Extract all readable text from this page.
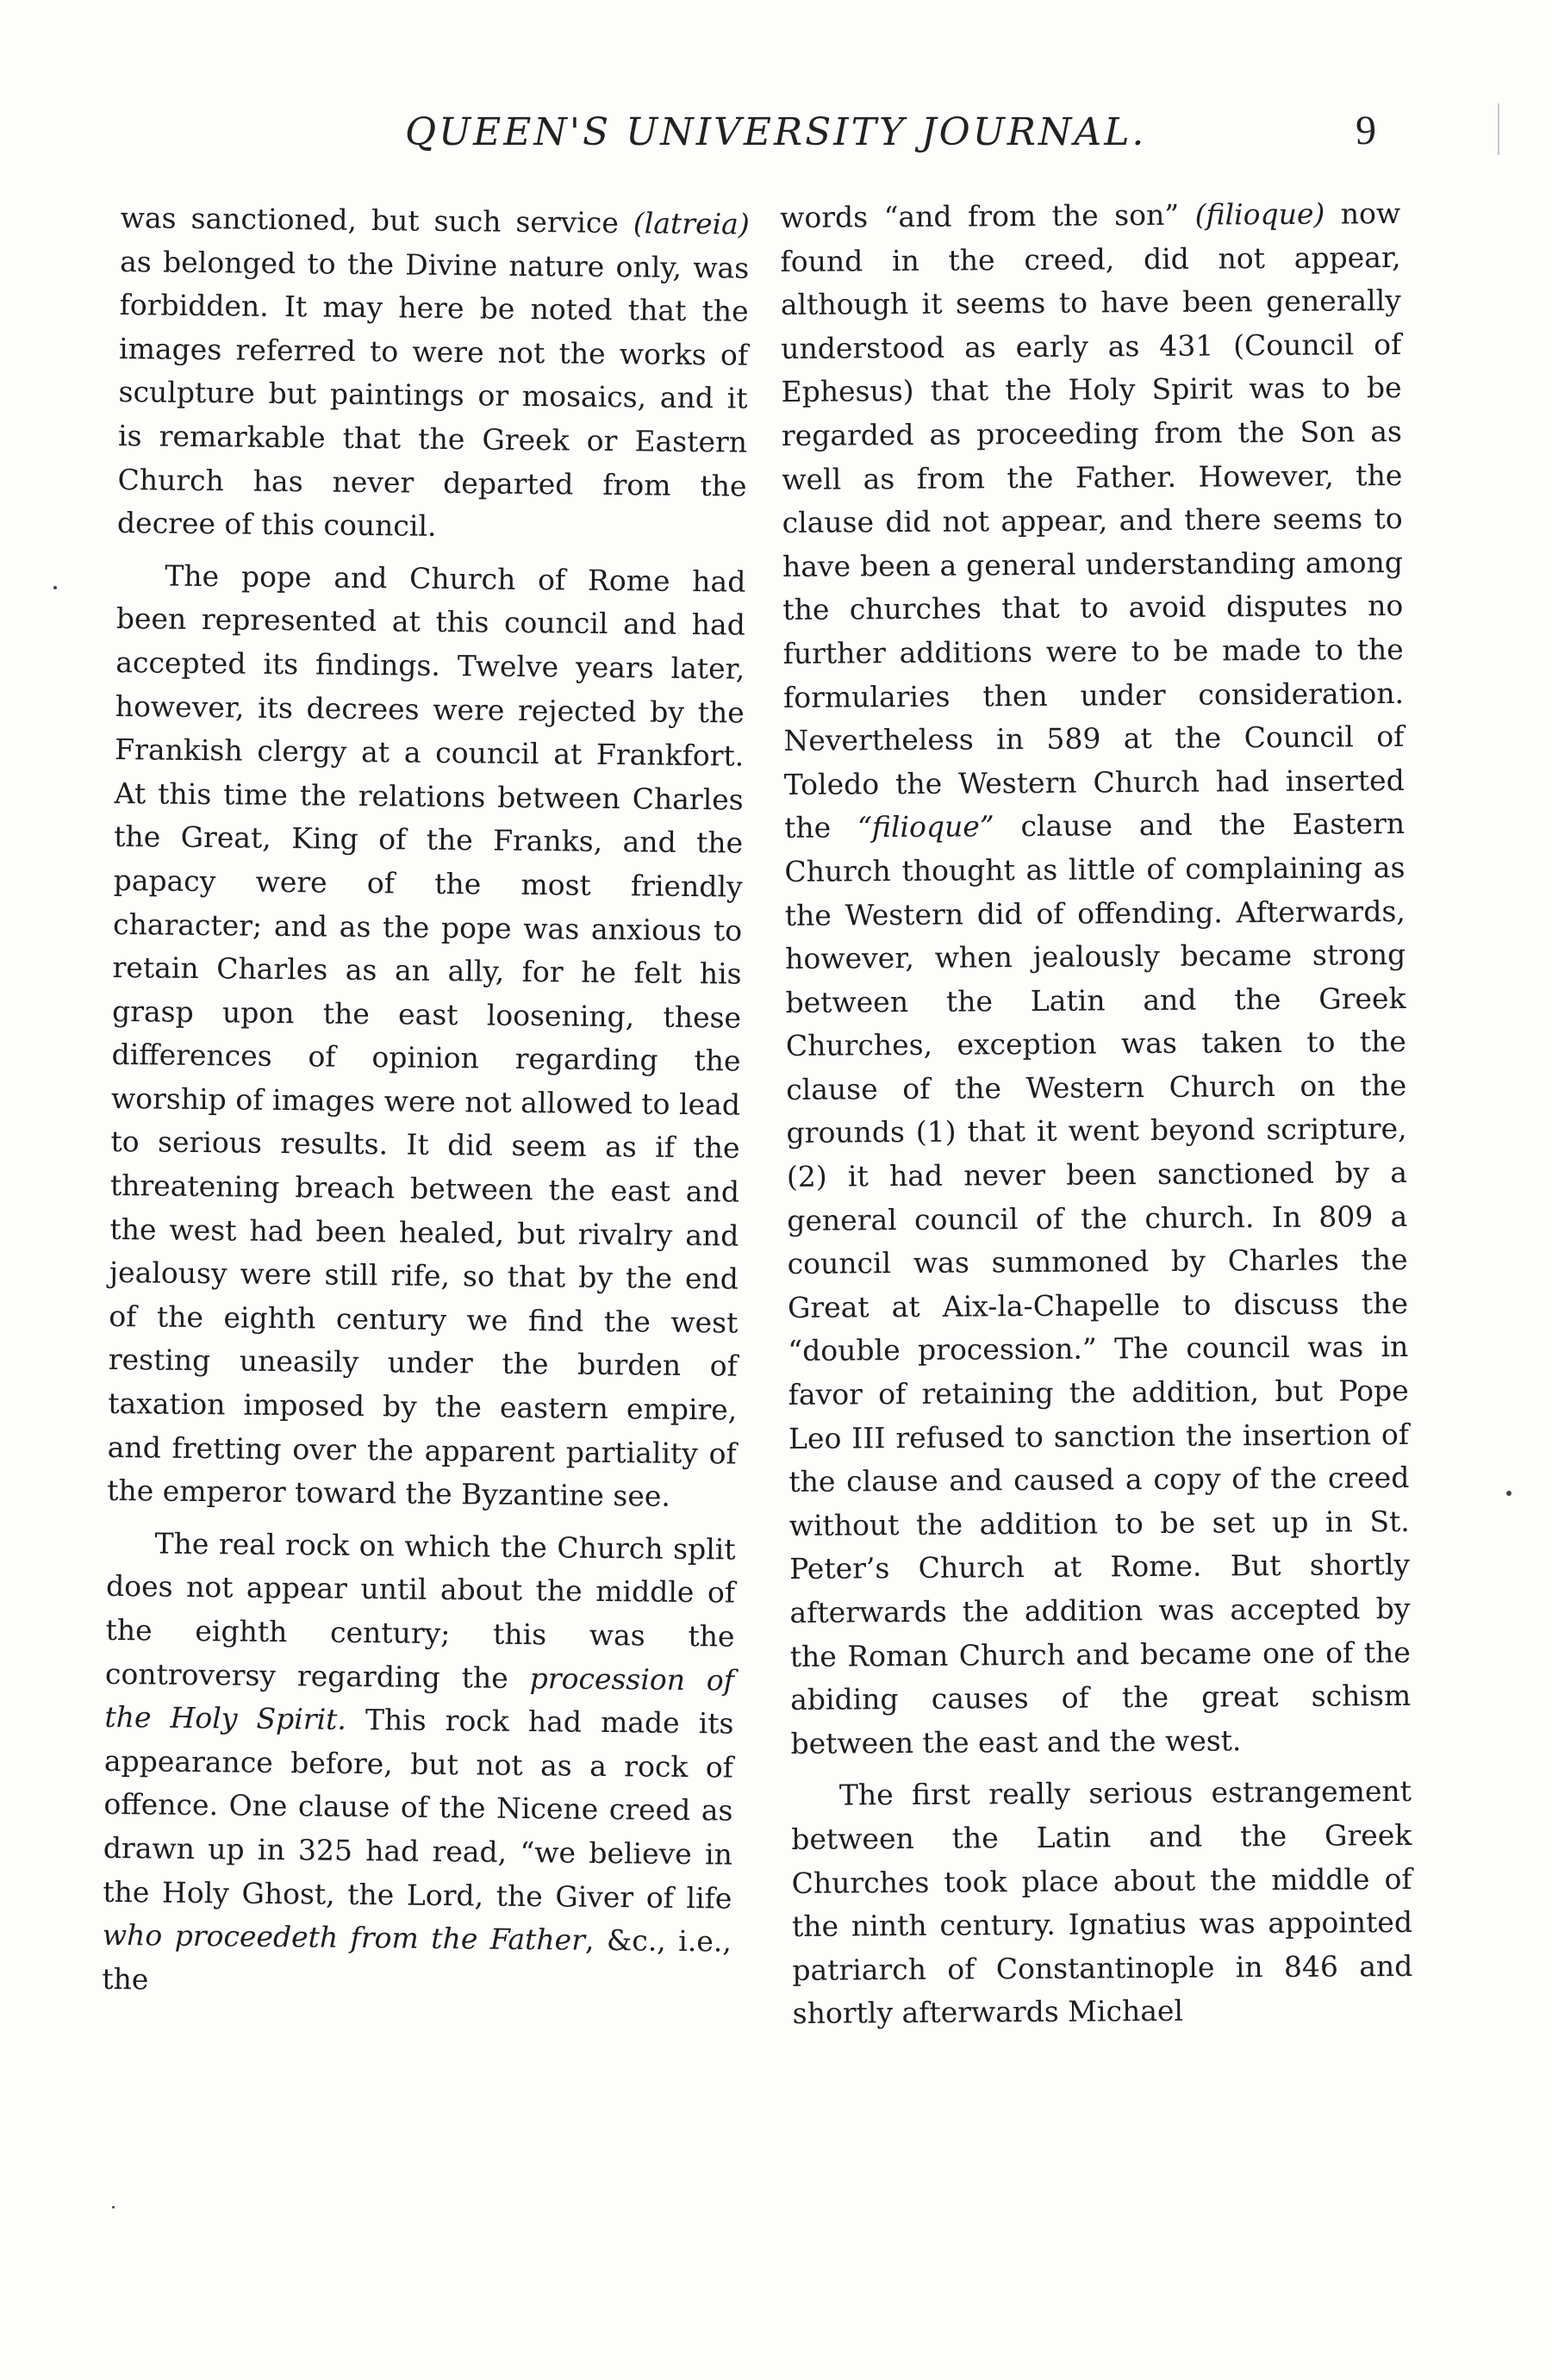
QUEEN'S UNIVERSITY JOURNAL.	9

was sanctioned, but such service (latreia) as belonged to the Divine nature only, was forbidden. It may here be noted that the images referred to were not the works of sculpture but paintings or mosaics, and it is remarkable that the Greek or Eastern Church has never departed from the decree of this council.

The pope and Church of Rome had been represented at this council and had accepted its findings. Twelve years later, however, its decrees were rejected by the Frankish clergy at a council at Frankfort. At this time the relations between Charles the Great, King of the Franks, and the papacy were of the most friendly character; and as the pope was anxious to retain Charles as an ally, for he felt his grasp upon the east loosening, these differences of opinion regarding the worship of images were not allowed to lead to serious results. It did seem as if the threatening breach between the east and the west had been healed, but rivalry and jealousy were still rife, so that by the end of the eighth century we find the west resting uneasily under the burden of taxation imposed by the eastern empire, and fretting over the apparent partiality of the emperor toward the Byzantine see.

The real rock on which the Church split does not appear until about the middle of the eighth century; this was the controversy regarding the procession of the Holy Spirit. This rock had made its appearance before, but not as a rock of offence. One clause of the Nicene creed as drawn up in 325 had read, “we believe in the Holy Ghost, the Lord, the Giver of life who proceedeth from the Father, &c., i.e., the

words “and from the son” (filioque) now found in the creed, did not appear, although it seems to have been generally understood as early as 431 (Council of Ephesus) that the Holy Spirit was to be regarded as proceeding from the Son as well as from the Father. However, the clause did not appear, and there seems to have been a general understanding among the churches that to avoid disputes no further additions were to be made to the formularies then under consideration. Nevertheless in 589 at the Council of Toledo the Western Church had inserted the “filioque” clause and the Eastern Church thought as little of complaining as the Western did of offending. Afterwards, however, when jealously became strong between the Latin and the Greek Churches, exception was taken to the clause of the Western Church on the grounds (1) that it went beyond scripture, (2) it had never been sanctioned by a general council of the church. In 809 a council was summoned by Charles the Great at Aix-la-Chapelle to discuss the “double procession.” The council was in favor of retaining the addition, but Pope Leo III refused to sanction the insertion of the clause and caused a copy of the creed without the addition to be set up in St. Peter’s Church at Rome. But shortly afterwards the addition was accepted by the Roman Church and became one of the abiding causes of the great schism between the east and the west.

The first really serious estrangement between the Latin and the Greek Churches took place about the middle of the ninth century. Ignatius was appointed patriarch of Constantinople in 846 and shortly afterwards Michael
